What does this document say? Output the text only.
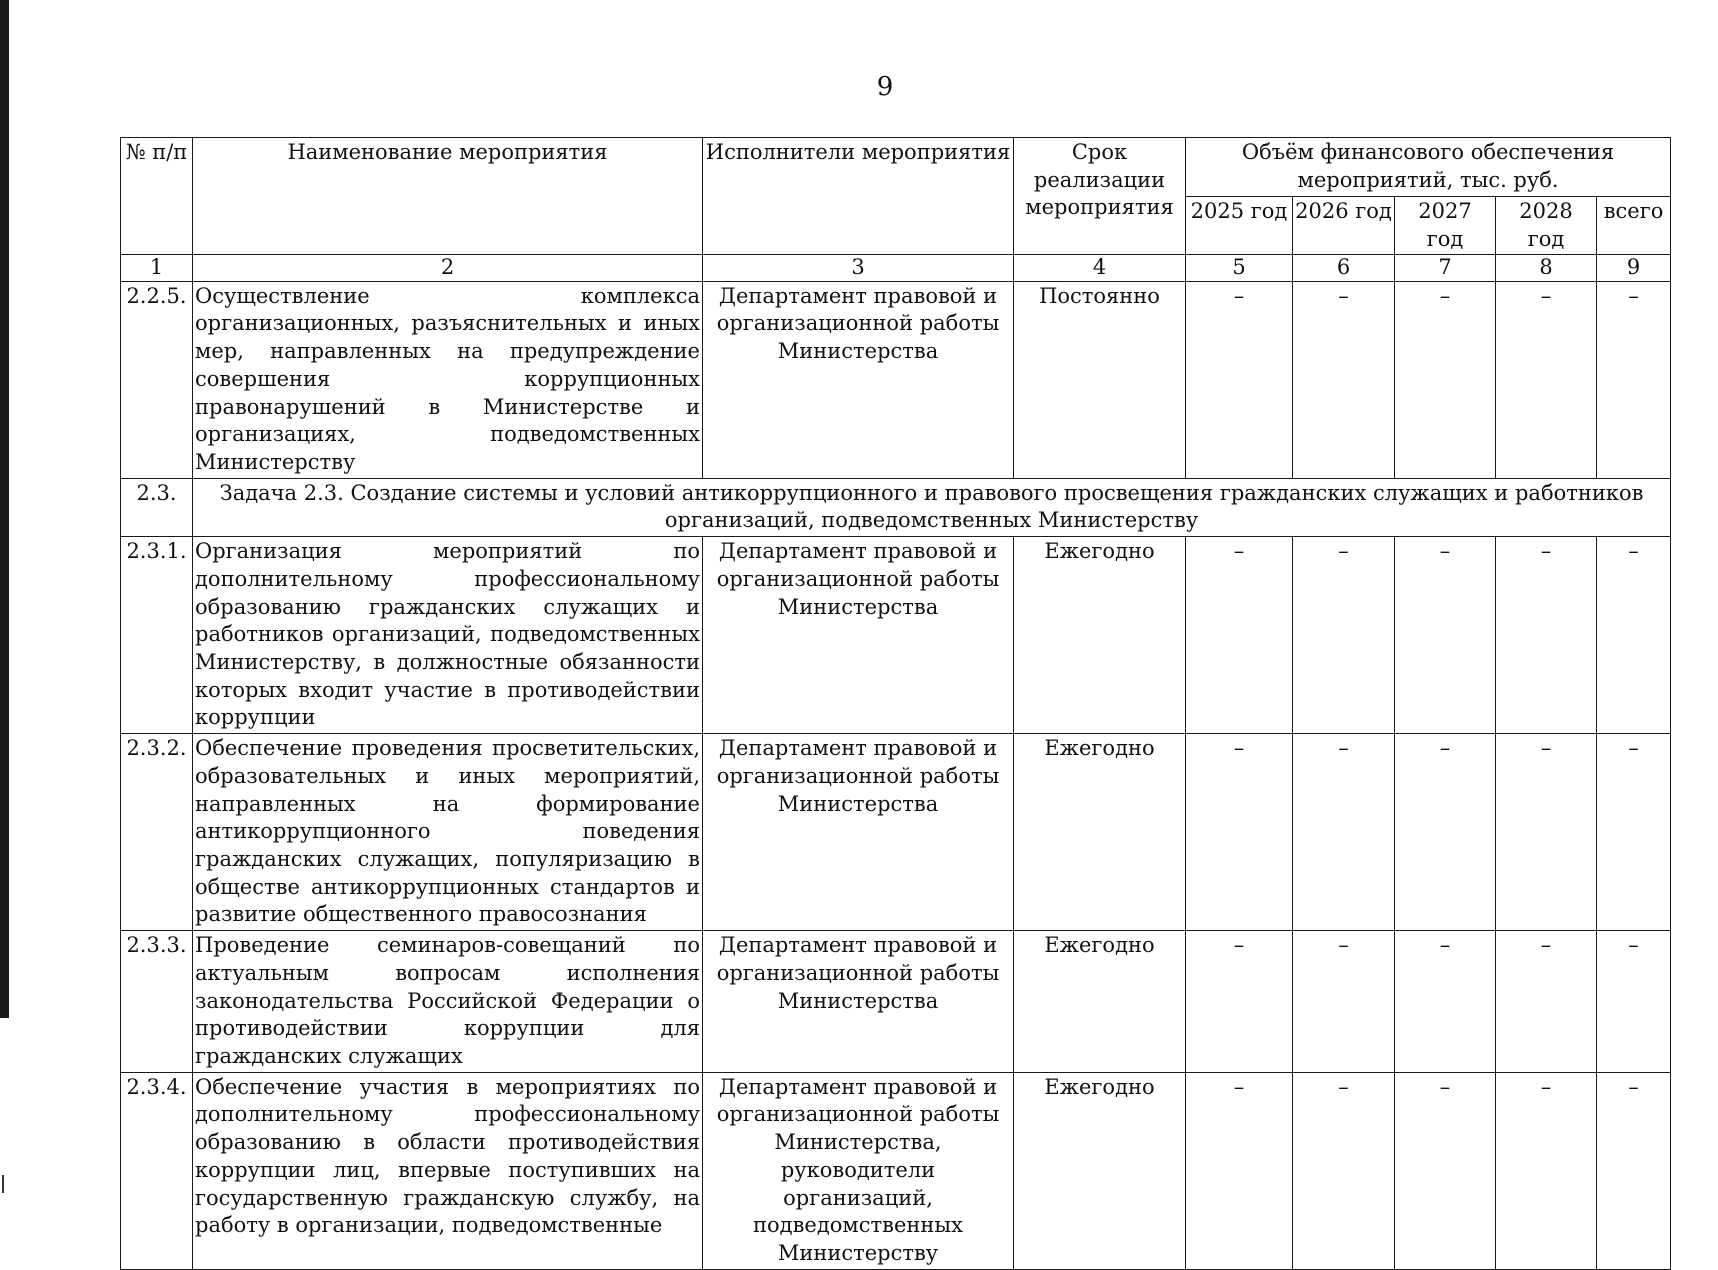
9
№ п/п	Наименование мероприятия	Исполнители мероприятия	Срок реализации мероприятия	Объём финансового обеспечения мероприятий, тыс. руб.				
				2025 год	2026 год	2027 год	2028 год	всего
1	2	3	4	5	6	7	8	9
2.2.5.	Осуществление комплекса организационных, разъяснительных и иных мер, направленных на предупреждение совершения коррупционных правонарушений в Министерстве и организациях, подведомственных Министерству	Департамент правовой и организационной работы Министерства	Постоянно	–	–	–	–	–
2.3.	Задача 2.3. Создание системы и условий антикоррупционного и правового просвещения гражданских служащих и работников организаций, подведомственных Министерству							
2.3.1.	Организация мероприятий по дополнительному профессиональному образованию гражданских служащих и работников организаций, подведомственных Министерству, в должностные обязанности которых входит участие в противодействии коррупции	Департамент правовой и организационной работы Министерства	Ежегодно	–	–	–	–	–
2.3.2.	Обеспечение проведения просветительских, образовательных и иных мероприятий, направленных на формирование антикоррупционного поведения гражданских служащих, популяризацию в обществе антикоррупционных стандартов и развитие общественного правосознания	Департамент правовой и организационной работы Министерства	Ежегодно	–	–	–	–	–
2.3.3.	Проведение семинаров-совещаний по актуальным вопросам исполнения законодательства Российской Федерации о противодействии коррупции для гражданских служащих	Департамент правовой и организационной работы Министерства	Ежегодно	–	–	–	–	–
2.3.4.	Обеспечение участия в мероприятиях по дополнительному профессиональному образованию в области противодействия коррупции лиц, впервые поступивших на государственную гражданскую службу, на работу в организации, подведомственные	Департамент правовой и организационной работы Министерства, руководители организаций, подведомственных Министерству	Ежегодно	–	–	–	–	–
